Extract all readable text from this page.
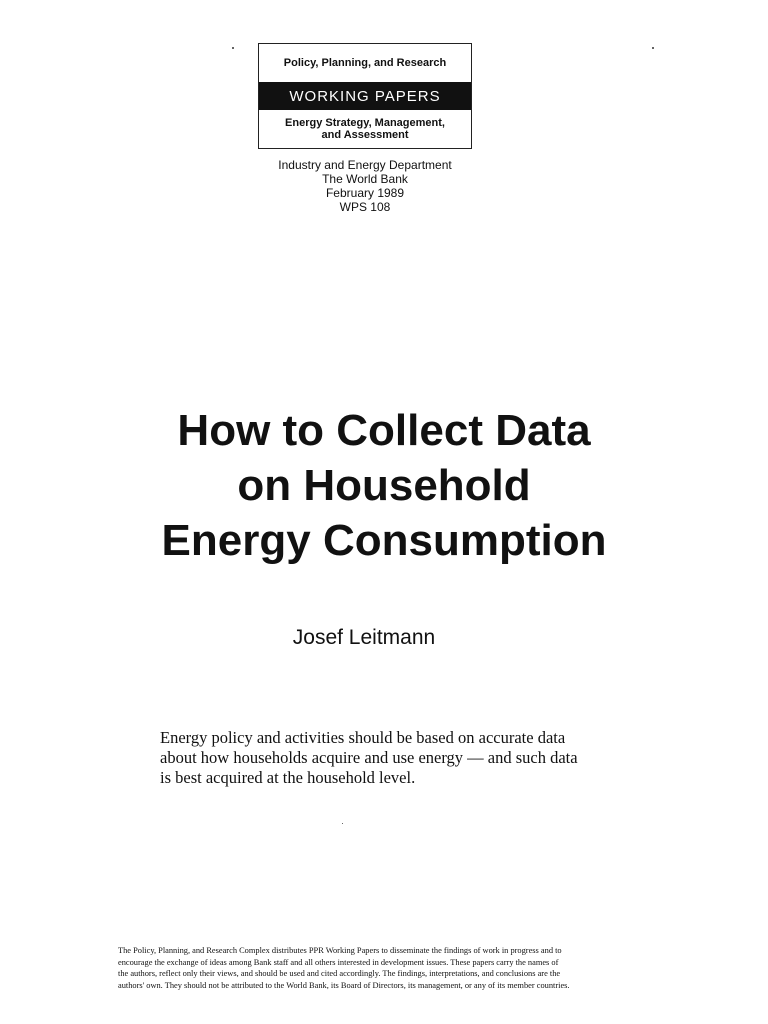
Policy, Planning, and Research
WORKING PAPERS
Energy Strategy, Management,
and Assessment
Industry and Energy Department
The World Bank
February 1989
WPS 108
How to Collect Data
on Household
Energy Consumption
Josef Leitmann
Energy policy and activities should be based on accurate data
about how households acquire and use energy — and such data
is best acquired at the household level.
The Policy, Planning, and Research Complex distributes PPR Working Papers to disseminate the findings of work in progress and to
encourage the exchange of ideas among Bank staff and all others interested in development issues. These papers carry the names of
the authors, reflect only their views, and should be used and cited accordingly. The findings, interpretations, and conclusions are the
authors' own. They should not be attributed to the World Bank, its Board of Directors, its management, or any of its member countries.
